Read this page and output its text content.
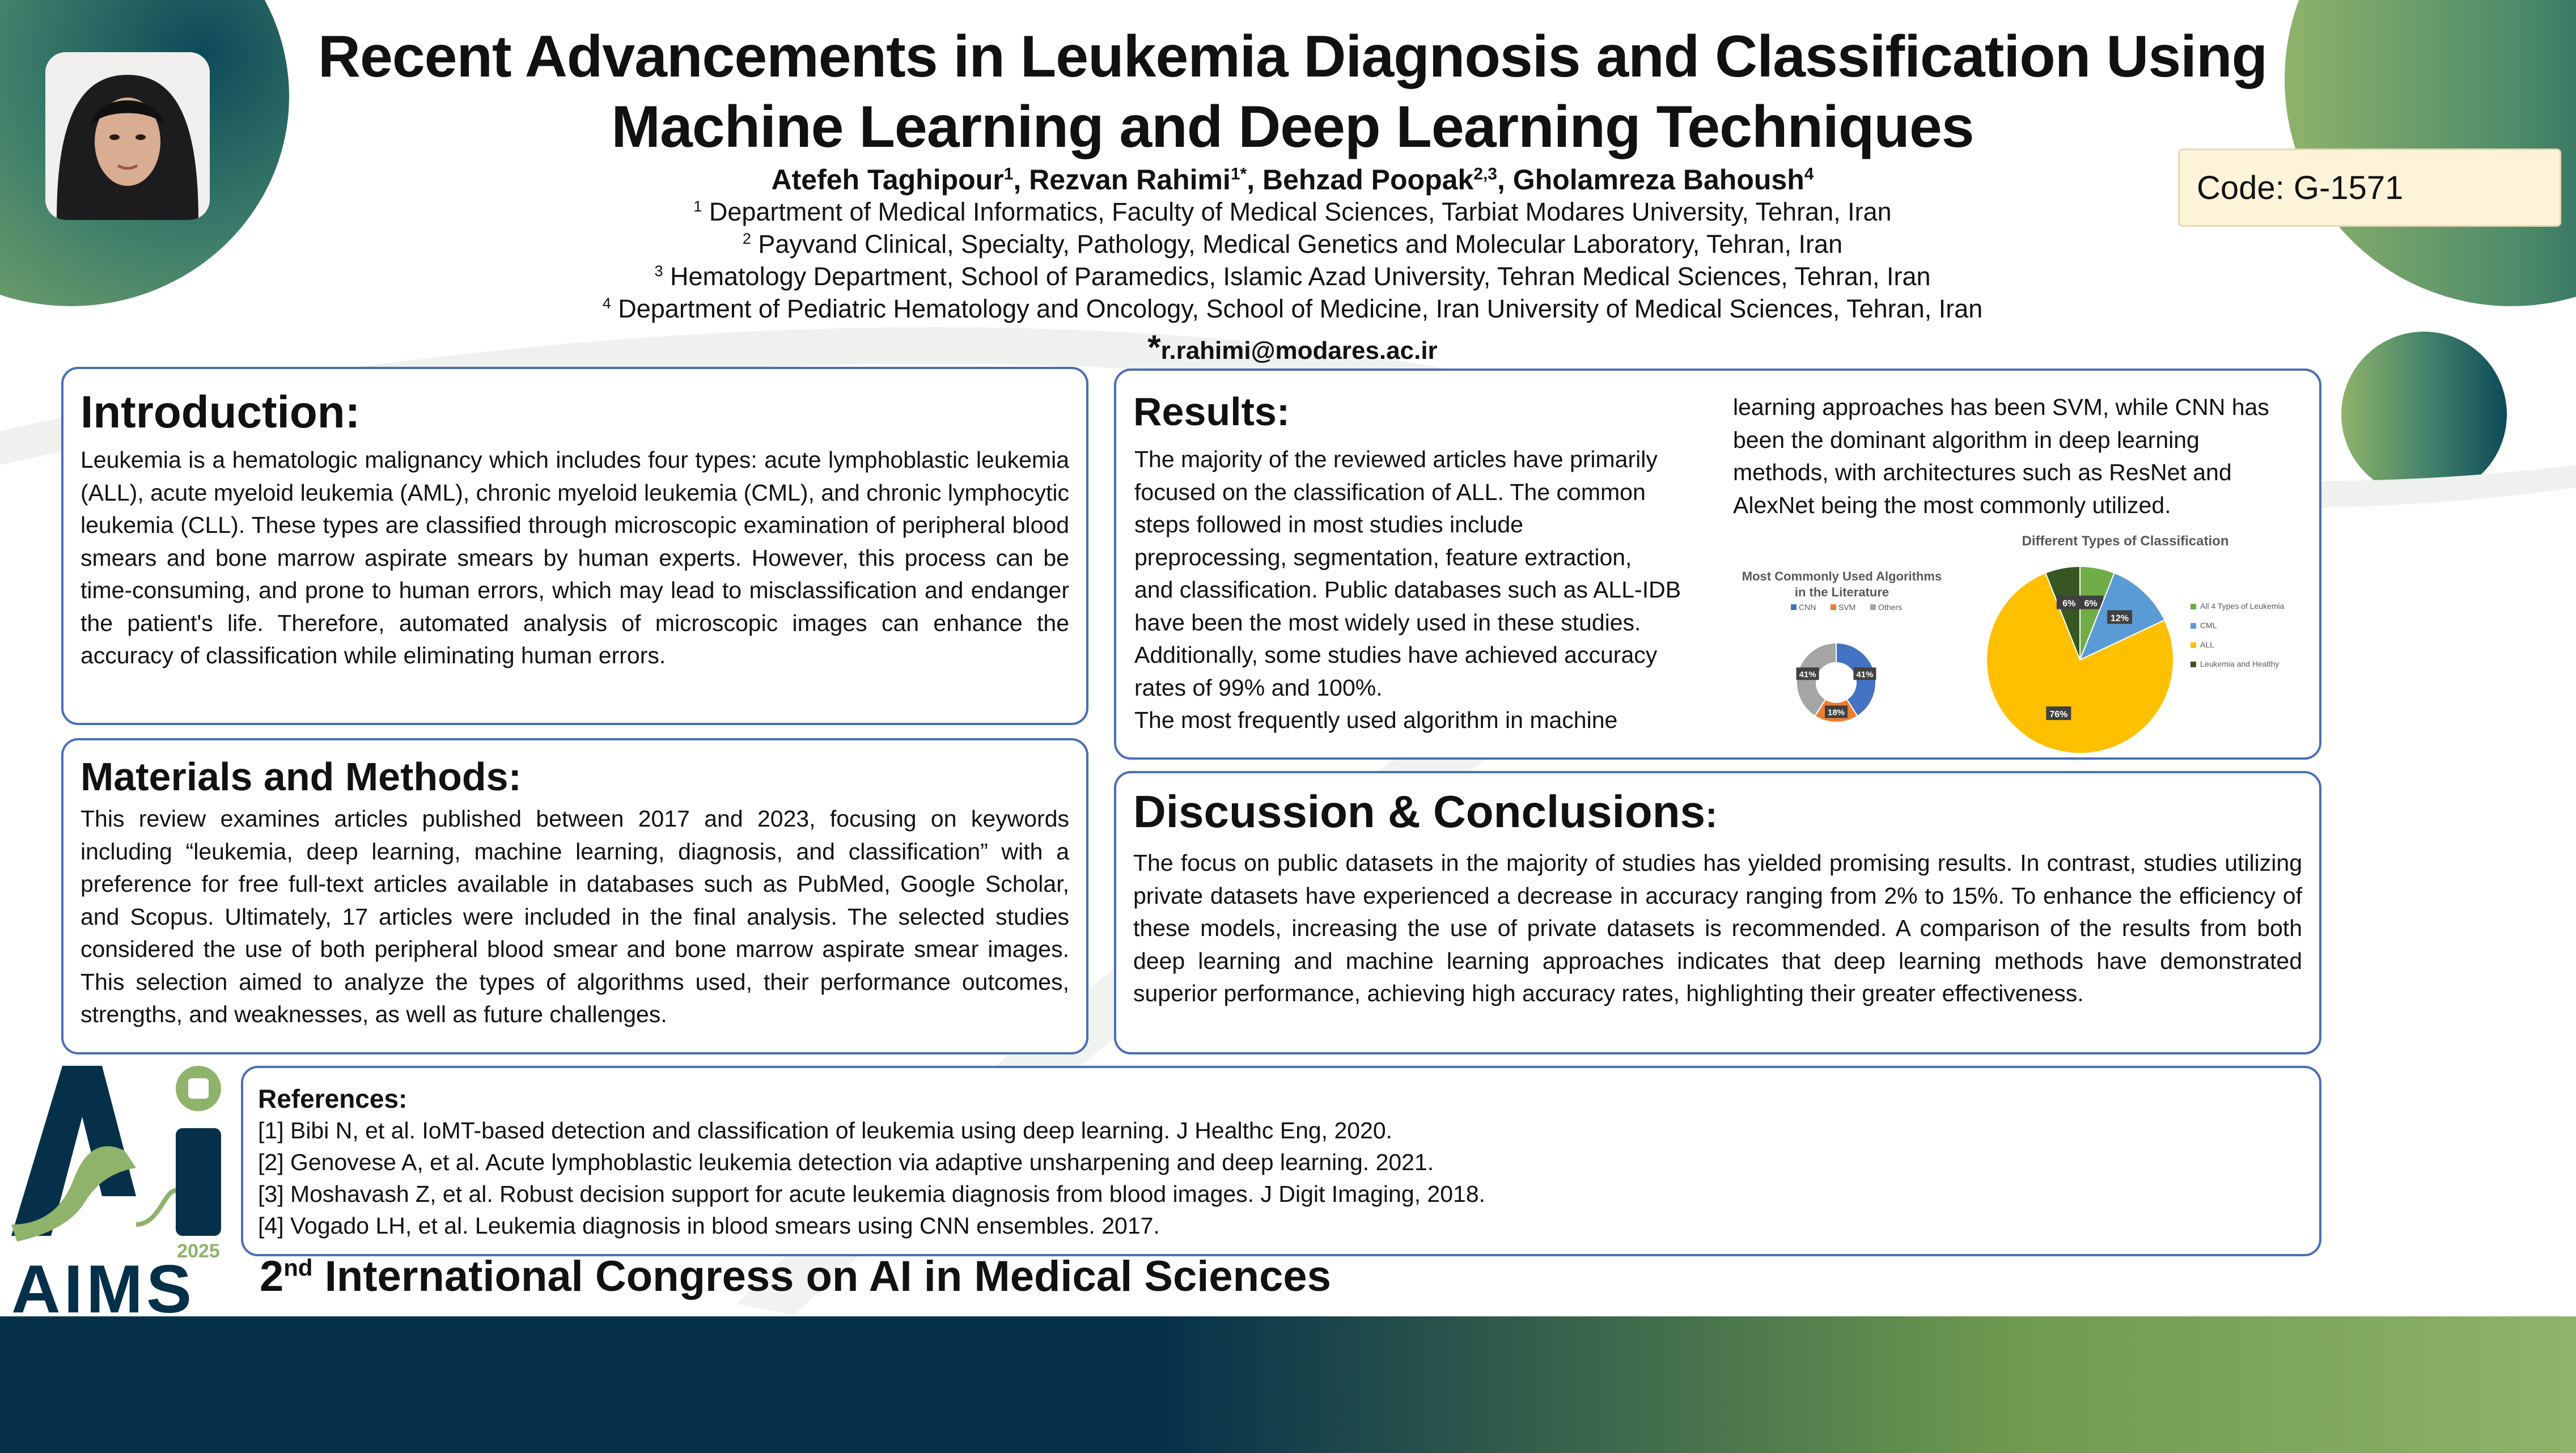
Recent Advancements in Leukemia Diagnosis and Classification Using
Machine Learning and Deep Learning Techniques
Atefeh Taghipour$^1$, Rezvan Rahimi$^{1*}$, Behzad Poopak$^{2,3}$, Gholamreza Bahoush$^4$
$^1$ Department of Medical Informatics, Faculty of Medical Sciences, Tarbiat Modares University, Tehran, Iran
$^2$ Payvand Clinical, Specialty, Pathology, Medical Genetics and Molecular Laboratory, Tehran, Iran
$^3$ Hematology Department, School of Paramedics, Islamic Azad University, Tehran Medical Sciences, Tehran, Iran
$^4$ Department of Pediatric Hematology and Oncology, School of Medicine, Iran University of Medical Sciences, Tehran, Iran
*r.rahimi@modares.ac.ir
Code: G-1571
Introduction:

Leukemia is a hematologic malignancy which includes four types: acute lymphoblastic leukemia (ALL), acute myeloid leukemia (AML), chronic myeloid leukemia (CML), and chronic lymphocytic leukemia (CLL). These types are classified through microscopic examination of peripheral blood smears and bone marrow aspirate smears by human experts. However, this process can be time-consuming, and prone to human errors, which may lead to misclassification and endanger the patient's life. Therefore, automated analysis of microscopic images can enhance the accuracy of classification while eliminating human errors.

Materials and Methods:

This review examines articles published between 2017 and 2023, focusing on keywords including “leukemia, deep learning, machine learning, diagnosis, and classification” with a preference for free full-text articles available in databases such as PubMed, Google Scholar, and Scopus. Ultimately, 17 articles were included in the final analysis. The selected studies considered the use of both peripheral blood smear and bone marrow aspirate smear images. This selection aimed to analyze the types of algorithms used, their performance outcomes, strengths, and weaknesses, as well as future challenges.

Results:
The majority of the reviewed articles have primarily
focused on the classification of ALL. The common
steps followed in most studies include
preprocessing, segmentation, feature extraction,
and classification. Public databases such as ALL-IDB
have been the most widely used in these studies.
Additionally, some studies have achieved accuracy
rates of 99% and 100%.
The most frequently used algorithm in machine
learning approaches has been SVM, while CNN has
been the dominant algorithm in deep learning
methods, with architectures such as ResNet and
AlexNet being the most commonly utilized.
Most Commonly Used Algorithms
in the Literature
CNN	SVM	Others
41%
18%
41%
Different Types of Classification
6%
12%
76%
6%	All 4 Types of Leukemia
CML
ALL
Leukemia and Healthy
Discussion & Conclusions:

The focus on public datasets in the majority of studies has yielded promising results. In contrast, studies utilizing private datasets have experienced a decrease in accuracy ranging from 2% to 15%. To enhance the efficiency of these models, increasing the use of private datasets is recommended. A comparison of the results from both deep learning and machine learning approaches indicates that deep learning methods have demonstrated superior performance, achieving high accuracy rates, highlighting their greater effectiveness.

References:
[1] Bibi N, et al. IoMT-based detection and classification of leukemia using deep learning. J Healthc Eng, 2020.
[2] Genovese A, et al. Acute lymphoblastic leukemia detection via adaptive unsharpening and deep learning. 2021.
[3] Moshavash Z, et al. Robust decision support for acute leukemia diagnosis from blood images. J Digit Imaging, 2018.
[4] Vogado LH, et al. Leukemia diagnosis in blood smears using CNN ensembles. 2017.
2025
AIMS 2nd International Congress on AI in Medical Sciences
